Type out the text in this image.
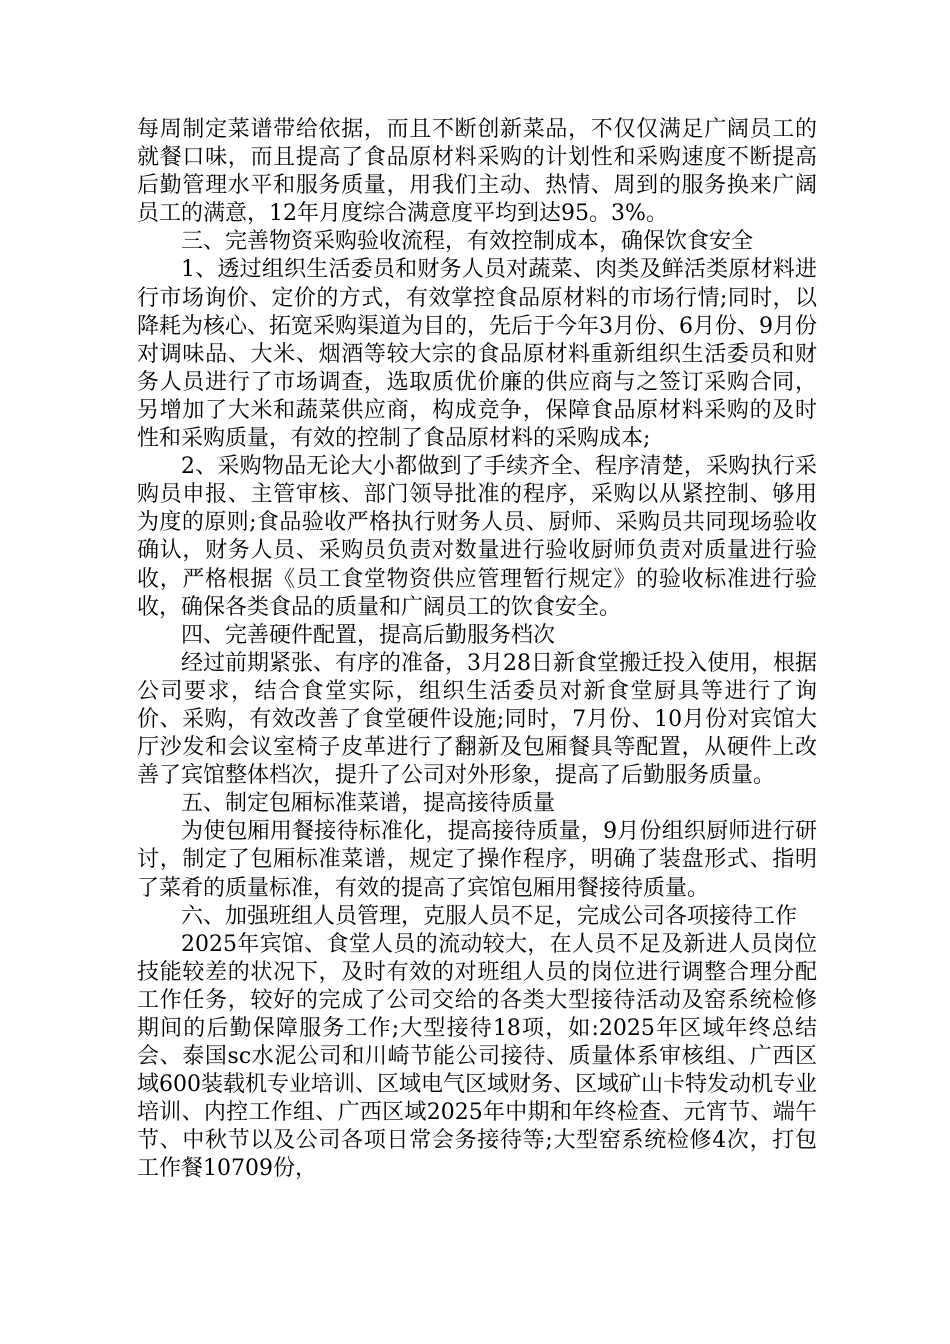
每周制定菜谱带给依据，而且不断创新菜品，不仅仅满足广阔员工的就餐口味，而且提高了食品原材料采购的计划性和采购速度不断提高后勤管理水平和服务质量，用我们主动、热情、周到的服务换来广阔员工的满意，12年月度综合满意度平均到达95。3%。

三、完善物资采购验收流程，有效控制成本，确保饮食安全

1、透过组织生活委员和财务人员对蔬菜、肉类及鲜活类原材料进行市场询价、定价的方式，有效掌控食品原材料的市场行情;同时，以降耗为核心、拓宽采购渠道为目的，先后于今年3月份、6月份、9月份对调味品、大米、烟酒等较大宗的食品原材料重新组织生活委员和财务人员进行了市场调查，选取质优价廉的供应商与之签订采购合同，另增加了大米和蔬菜供应商，构成竞争，保障食品原材料采购的及时性和采购质量，有效的控制了食品原材料的采购成本;

2、采购物品无论大小都做到了手续齐全、程序清楚，采购执行采购员申报、主管审核、部门领导批准的程序，采购以从紧控制、够用为度的原则;食品验收严格执行财务人员、厨师、采购员共同现场验收确认，财务人员、采购员负责对数量进行验收厨师负责对质量进行验收，严格根据《员工食堂物资供应管理暂行规定》的验收标准进行验收，确保各类食品的质量和广阔员工的饮食安全。

四、完善硬件配置，提高后勤服务档次

经过前期紧张、有序的准备，3月28日新食堂搬迁投入使用，根据公司要求，结合食堂实际，组织生活委员对新食堂厨具等进行了询价、采购，有效改善了食堂硬件设施;同时，7月份、10月份对宾馆大厅沙发和会议室椅子皮革进行了翻新及包厢餐具等配置，从硬件上改善了宾馆整体档次，提升了公司对外形象，提高了后勤服务质量。

五、制定包厢标准菜谱，提高接待质量

为使包厢用餐接待标准化，提高接待质量，9月份组织厨师进行研讨，制定了包厢标准菜谱，规定了操作程序，明确了装盘形式、指明了菜肴的质量标准，有效的提高了宾馆包厢用餐接待质量。

六、加强班组人员管理，克服人员不足，完成公司各项接待工作

2025年宾馆、食堂人员的流动较大，在人员不足及新进人员岗位技能较差的状况下，及时有效的对班组人员的岗位进行调整合理分配工作任务，较好的完成了公司交给的各类大型接待活动及窑系统检修期间的后勤保障服务工作;大型接待18项，如:2025年区域年终总结会、泰国sc水泥公司和川崎节能公司接待、质量体系审核组、广西区域600装载机专业培训、区域电气区域财务、区域矿山卡特发动机专业培训、内控工作组、广西区域2025年中期和年终检查、元宵节、端午节、中秋节以及公司各项日常会务接待等;大型窑系统检修4次，打包工作餐10709份，
